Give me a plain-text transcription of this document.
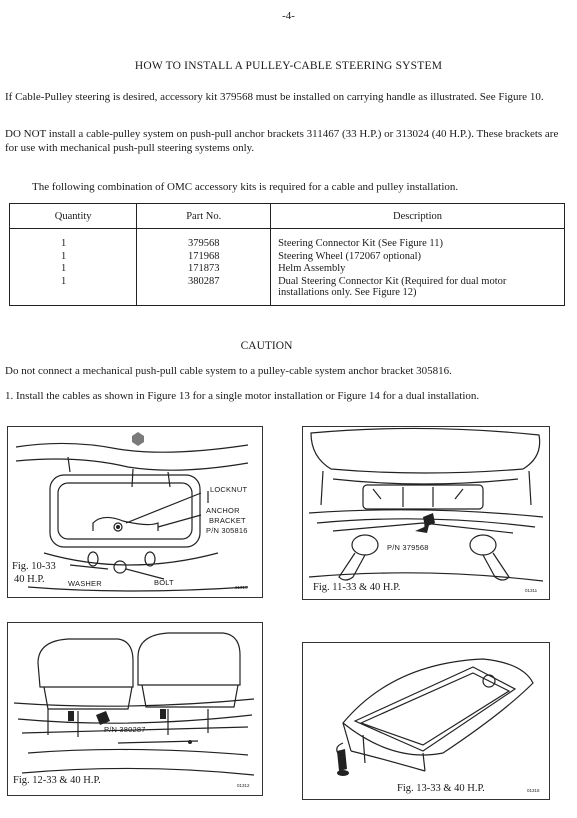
-4-
HOW TO INSTALL A PULLEY-CABLE STEERING SYSTEM
If Cable-Pulley steering is desired, accessory kit 379568 must be installed on carrying handle as illustrated. See Figure 10.
DO NOT install a cable-pulley system on push-pull anchor brackets 311467 (33 H.P.) or 313024 (40 H.P.). These brackets are for use with mechanical push-pull steering systems only.
The following combination of OMC accessory kits is required for a cable and pulley installation.
Quantity	Part No.	Description
1	379568	Steering Connector Kit (See Figure 11)
1	171968	Steering Wheel (172067 optional)
1	171873	Helm Assembly
1	380287	Dual Steering Connector Kit (Required for dual motor installations only. See Figure 12)
CAUTION
Do not connect a mechanical push-pull cable system to a pulley-cable system anchor bracket 305816.
1. Install the cables as shown in Figure 13 for a single motor installation or Figure 14 for a dual installation.
LOCKNUT
ANCHOR
BRACKET
P/N 305816
WASHER	BOLT
Fig. 10-33
40 H.P.
01310
P/N 379568
Fig. 11-33 & 40 H.P.	01311
P/N 380287
Fig. 12-33 & 40 H.P.	01312	Fig. 13-33 & 40 H.P.	01316
